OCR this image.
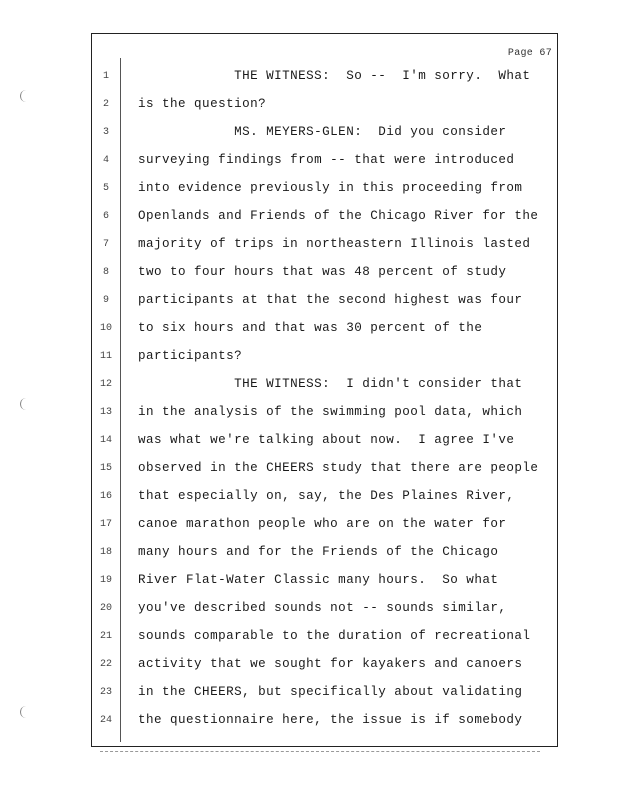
Page 67
1	THE WITNESS:  So --  I'm sorry.  What
2	is the question?
3	MS. MEYERS-GLEN:  Did you consider
4	surveying findings from -- that were introduced
5	into evidence previously in this proceeding from
6	Openlands and Friends of the Chicago River for the
7	majority of trips in northeastern Illinois lasted
8	two to four hours that was 48 percent of study
9	participants at that the second highest was four
10 to six hours and that was 30 percent of the
11 participants?
12 THE WITNESS:  I didn't consider that
13 in the analysis of the swimming pool data, which
14 was what we're talking about now.  I agree I've
15 observed in the CHEERS study that there are people
16 that especially on, say, the Des Plaines River,
17 canoe marathon people who are on the water for
18 many hours and for the Friends of the Chicago
19 River Flat-Water Classic many hours.  So what
20 you've described sounds not -- sounds similar,
21 sounds comparable to the duration of recreational
22 activity that we sought for kayakers and canoers
23 in the CHEERS, but specifically about validating
24 the questionnaire here, the issue is if somebody
